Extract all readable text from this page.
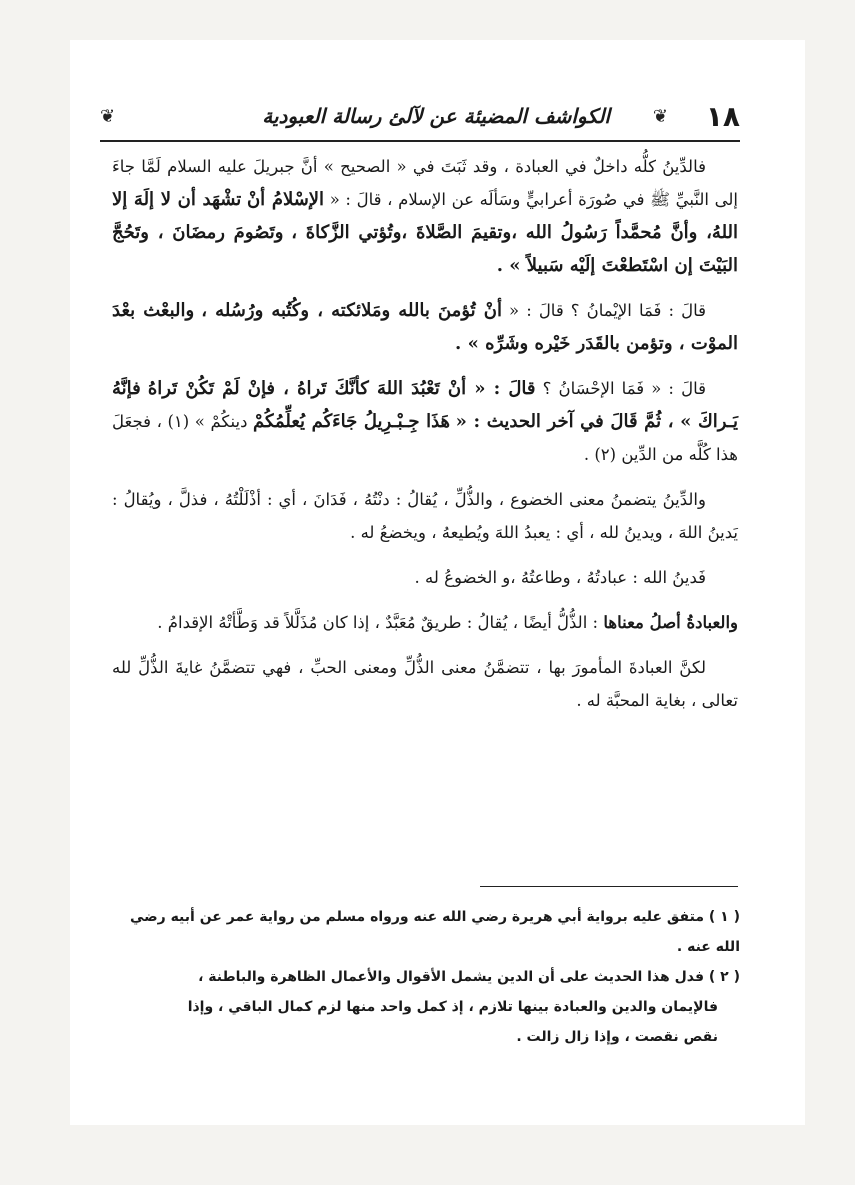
١٨
❦
الكواشف المضيئة عن لآلئ رسالة العبودية
❦

فالدِّينُ كلُّه داخلٌ في العبادة ، وقد ثَبَتَ في « الصحيح » أنَّ جبريلَ عليه السلام لَمَّا جاءَ إلى النَّبيِّ ﷺ في صُورَة أعرابيٍّ وسَألَه عن الإسلام ، قالَ : « الإسْلامُ أنْ تشْهَد أن لا إلَهَ إلا اللهُ، وأنَّ مُحمَّداً رَسُولُ الله ،وتقيمَ الصَّلاةَ ،وتُؤتي الزَّكاةَ ، وتَصُومَ رمضَانَ ، وتَحُجَّ البَيْتَ إن اسْتَطعْتَ إلَيْه سَبيلاً » .

قالَ : فَمَا الإيْمانُ ؟ قالَ : « أنْ تُؤمنَ بالله ومَلائكته ، وكُتُبه ورُسُله ، والبعْث بعْدَ الموْت ، وتؤمن بالقَدَر خَيْره وشَرِّه » .

قالَ : « فَمَا الإحْسَانُ ؟ قالَ : « أنْ تَعْبُدَ اللهَ كأنَّكَ تَراهُ ، فإنْ لَمْ تَكُنْ تَراهُ فإنَّهُ يَـراكَ » ، ثُمَّ قَالَ في آخر الحديث : « هَذَا جِـبْـرِيلُ جَاءَكُم يُعلِّمُكُمْ دينكُمْ » (١) ، فجعَلَ هذا كُلَّه من الدِّين (٢) .

والدِّينُ يتضمنُ معنى الخضوع ، والذُّلِّ ، يُقالُ : دنْتُهُ ، فَدَانَ ، أي : أذْلَلْتُهُ ، فذلَّ ، ويُقالُ : يَدينُ اللهَ ، ويدينُ لله ، أي : يعبدُ اللهَ ويُطيعهُ ، ويخضعُ له .

فَدينُ الله : عبادتُهُ ، وطاعتُهُ ،و الخضوعُ له .

والعبادةُ أصلُ معناها : الذُّلُّ أيضًا ، يُقالُ : طريقٌ مُعَبَّدٌ ، إذا كان مُذَلَّلاً قد وَطَّأتْهُ الإقدامُ .

لكنَّ العبادةَ المأمورَ بها ، تتضمَّنُ معنى الذُّلِّ ومعنى الحبِّ ، فهي تتضمَّنُ غايةَ الذُّلِّ لله تعالى ، بغاية المحبَّة له .

( ١ ) متفق عليه برواية أبي هريرة رضي الله عنه ورواه مسلم من رواية عمر عن أبيه رضي الله عنه .

( ٢ ) فدل هذا الحديث على أن الدين يشمل الأقوال والأعمال الظاهرة والباطنة ،

فالإيمان والدين والعبادة بينها تلازم ، إذ كمل واحد منها لزم كمال الباقي ، وإذا

نقص نقصت ، وإذا زال زالت .
